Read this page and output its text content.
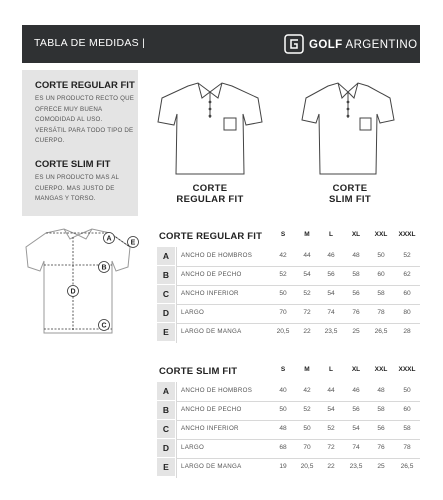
TABLA DE MEDIDAS |	GOLF ARGENTINO
CORTE REGULAR FIT
ES UN PRODUCTO RECTO QUE OFRECE MUY BUENA COMODIDAD AL USO. VERSÁTIL PARA TODO TIPO DE CUERPO.
CORTE SLIM FIT
ES UN PRODUCTO MAS AL CUERPO. MAS JUSTO DE MANGAS Y TORSO.
CORTE
REGULAR FIT
CORTE
SLIM FIT
A
E
B
D
C
CORTE REGULAR FIT	S	M	L	XL	XXL	XXXL
A	ANCHO DE HOMBROS	42	44	46	48	50	52
B	ANCHO DE PECHO	52	54	56	58	60	62
C	ANCHO INFERIOR	50	52	54	56	58	60
D	LARGO	70	72	74	76	78	80
E	LARGO DE MANGA	20,5	22	23,5	25	26,5	28
CORTE SLIM FIT	S	M	L	XL	XXL	XXXL
A	ANCHO DE HOMBROS	40	42	44	46	48	50
B	ANCHO DE PECHO	50	52	54	56	58	60
C	ANCHO INFERIOR	48	50	52	54	56	58
D	LARGO	68	70	72	74	76	78
E	LARGO DE MANGA	19	20,5	22	23,5	25	26,5
